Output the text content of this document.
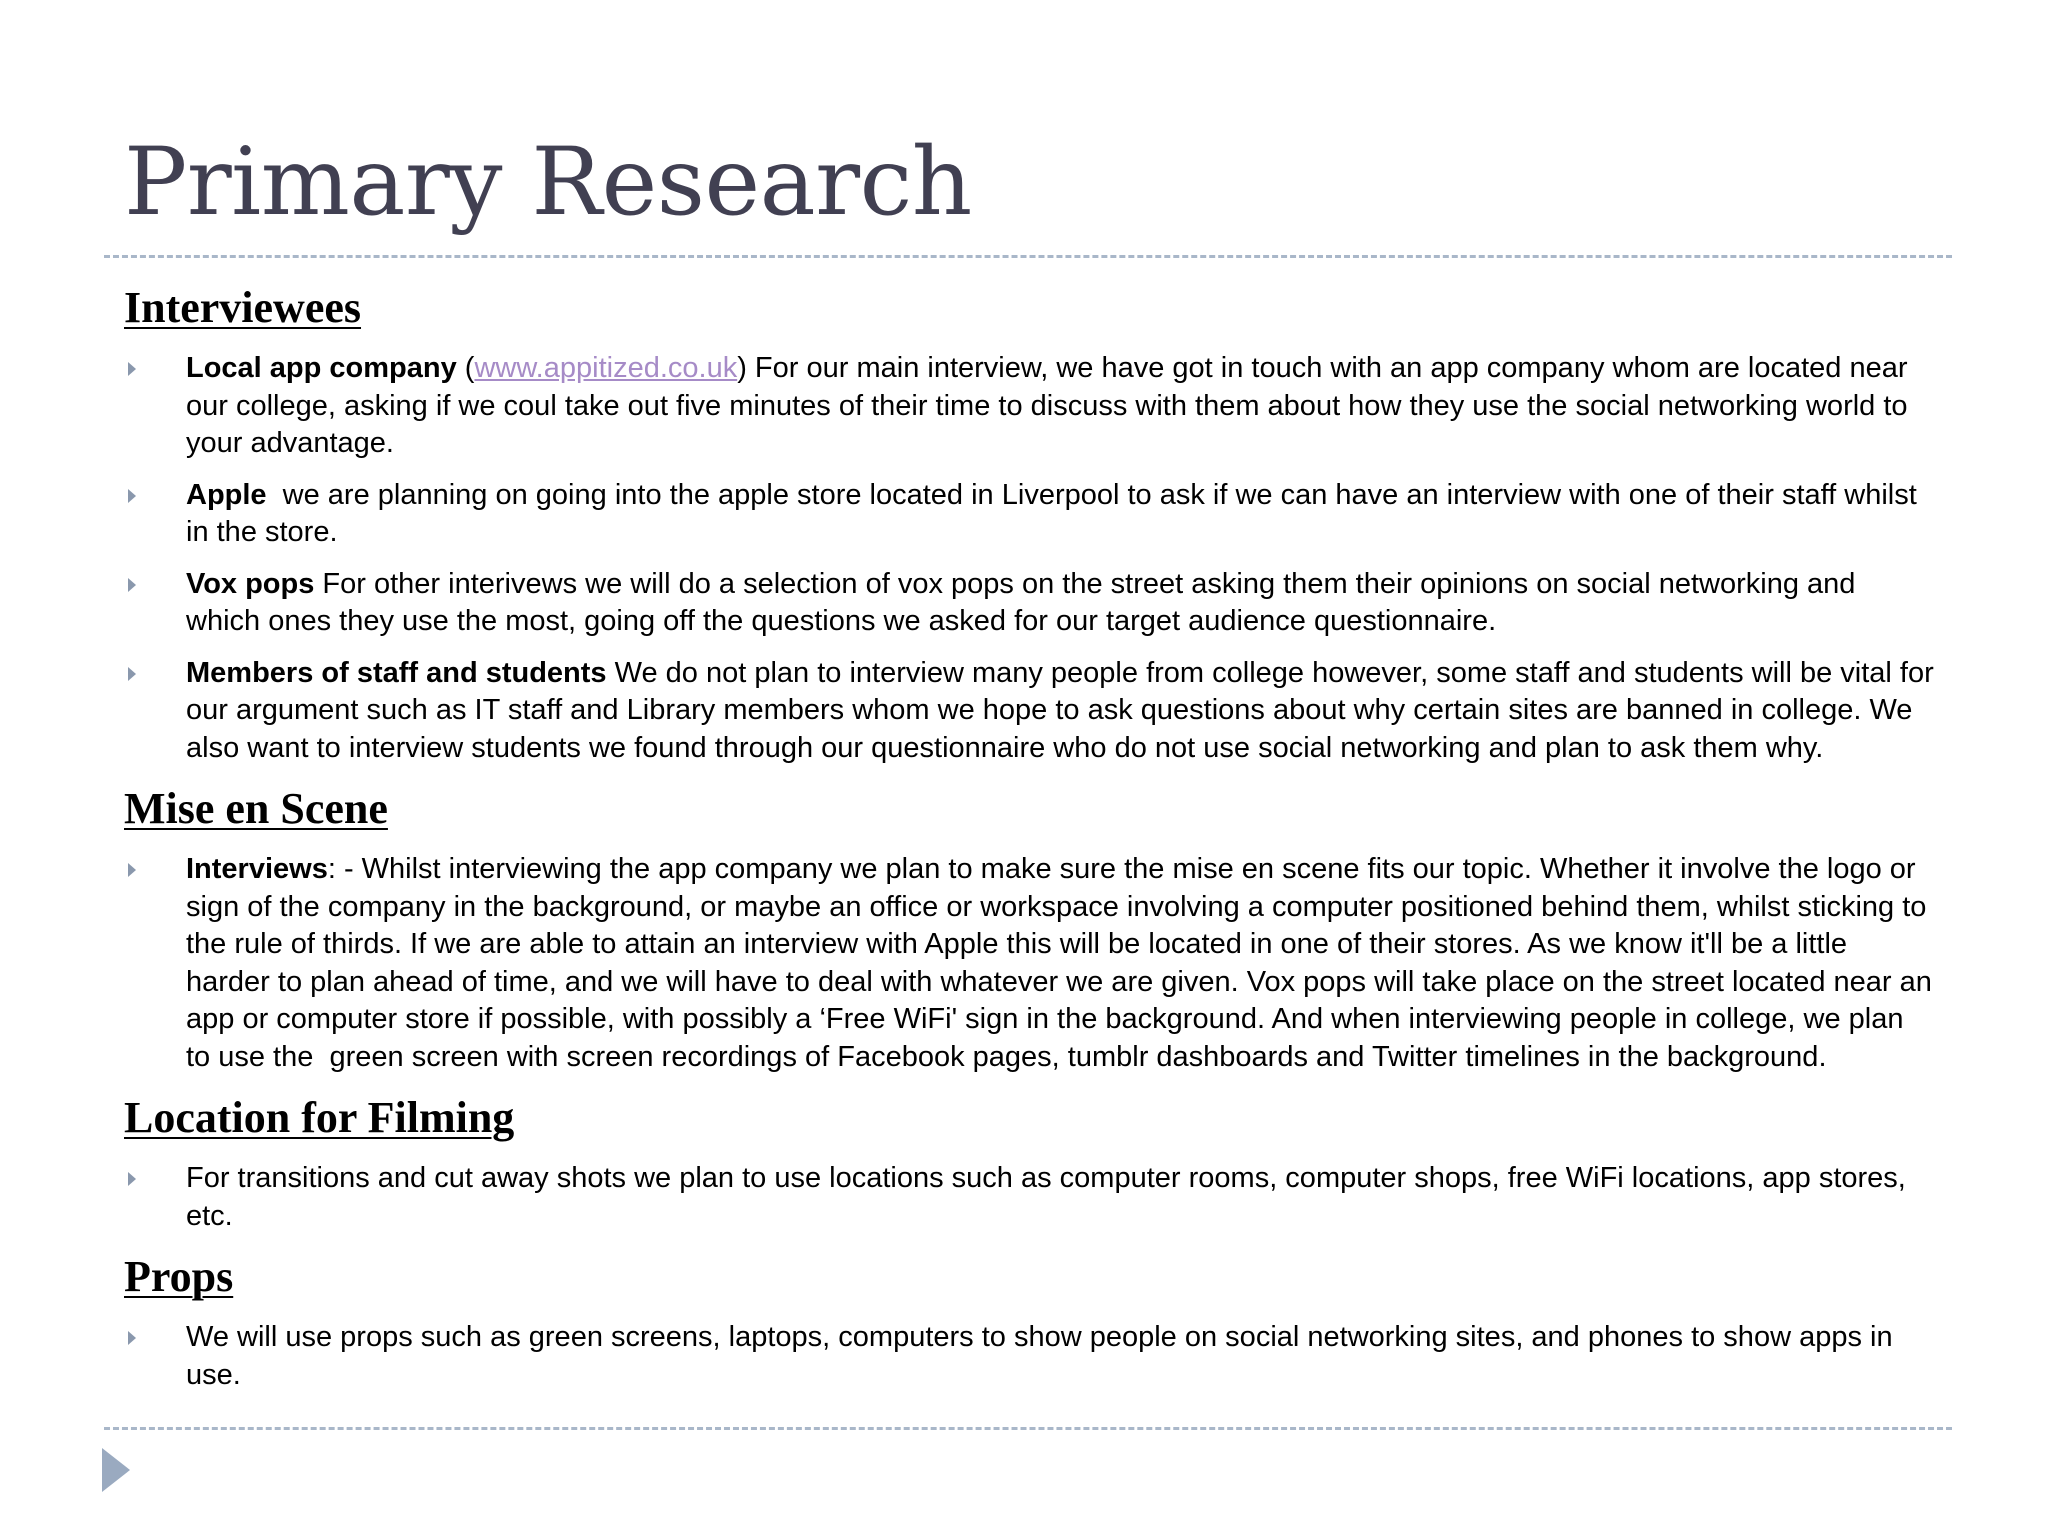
Primary Research
Interviewees
Local app company (www.appitized.co.uk) For our main interview, we have got in touch with an app company whom are located near our college, asking if we coul take out five minutes of their time to discuss with them about how they use the social networking world to your advantage.
Apple  we are planning on going into the apple store located in Liverpool to ask if we can have an interview with one of their staff whilst in the store.
Vox pops For other interivews we will do a selection of vox pops on the street asking them their opinions on social networking and which ones they use the most, going off the questions we asked for our target audience questionnaire.
Members of staff and students We do not plan to interview many people from college however, some staff and students will be vital for our argument such as IT staff and Library members whom we hope to ask questions about why certain sites are banned in college. We also want to interview students we found through our questionnaire who do not use social networking and plan to ask them why.
Mise en Scene
Interviews: - Whilst interviewing the app company we plan to make sure the mise en scene fits our topic. Whether it involve the logo or sign of the company in the background, or maybe an office or workspace involving a computer positioned behind them, whilst sticking to the rule of thirds. If we are able to attain an interview with Apple this will be located in one of their stores. As we know it'll be a little harder to plan ahead of time, and we will have to deal with whatever we are given. Vox pops will take place on the street located near an app or computer store if possible, with possibly a ‘Free WiFi' sign in the background. And when interviewing people in college, we plan to use the  green screen with screen recordings of Facebook pages, tumblr dashboards and Twitter timelines in the background.
Location for Filming
For transitions and cut away shots we plan to use locations such as computer rooms, computer shops, free WiFi locations, app stores, etc.
Props
We will use props such as green screens, laptops, computers to show people on social networking sites, and phones to show apps in use.
